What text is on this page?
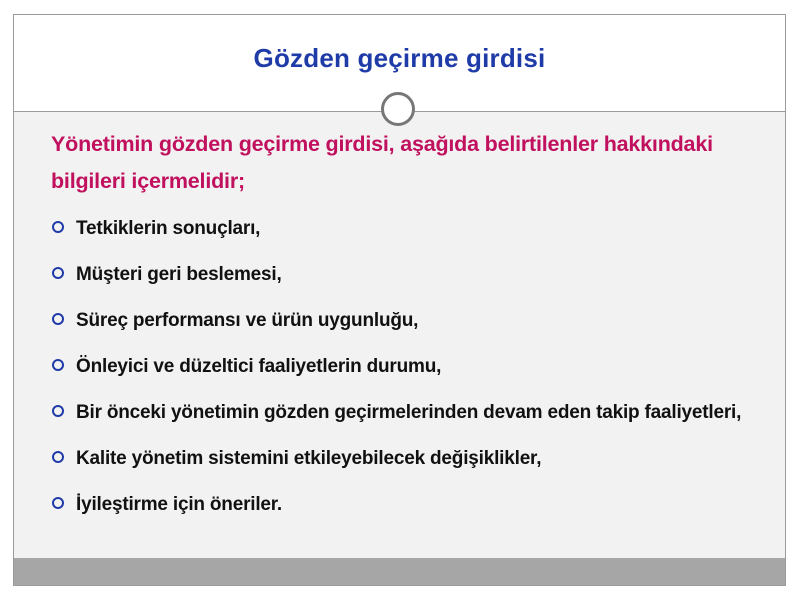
Gözden geçirme girdisi
Yönetimin gözden geçirme girdisi, aşağıda belirtilenler hakkındaki bilgileri içermelidir;
Tetkiklerin sonuçları,
Müşteri geri beslemesi,
Süreç performansı ve ürün uygunluğu,
Önleyici ve düzeltici faaliyetlerin durumu,
Bir önceki yönetimin gözden geçirmelerinden devam eden takip faaliyetleri,
Kalite yönetim sistemini etkileyebilecek değişiklikler,
İyileştirme için öneriler.
